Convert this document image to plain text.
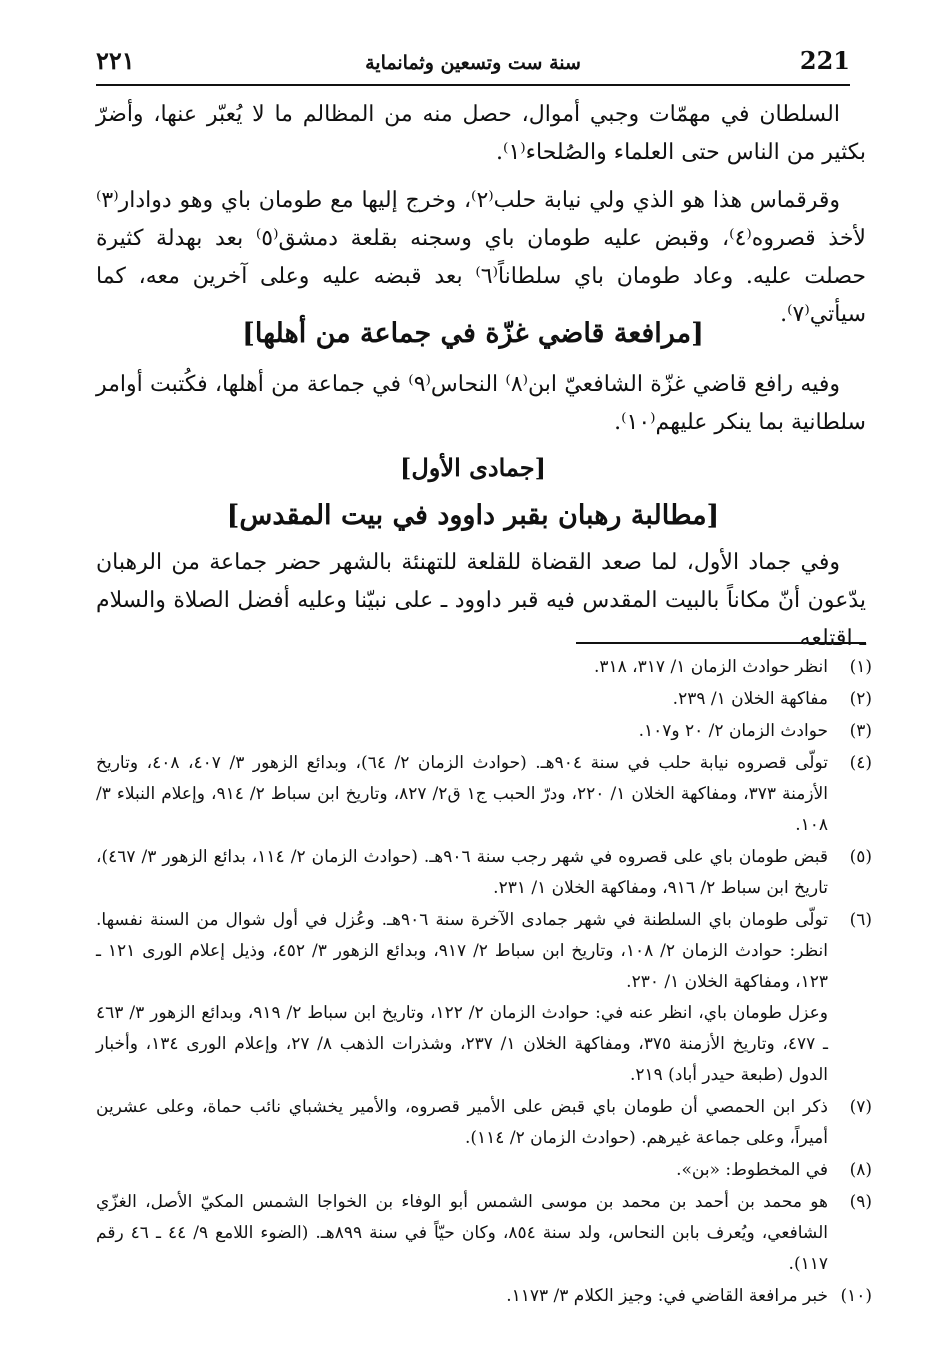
٢٢١	سنة ست وتسعين وثمانماية	221

السلطان في مهمّات وجبي أموال، حصل منه من المظالم ما لا يُعبّر عنها، وأضرّ بكثير من الناس حتى العلماء والصُلحاء⁽١⁾.

وقرقماس هذا هو الذي ولي نيابة حلب⁽٢⁾، وخرج إليها مع طومان باي وهو دوادار⁽٣⁾ لأخذ قصروه⁽٤⁾، وقبض عليه طومان باي وسجنه بقلعة دمشق⁽٥⁾ بعد بهدلة كثيرة حصلت عليه. وعاد طومان باي سلطاناً⁽٦⁾ بعد قبضه عليه وعلى آخرين معه، كما سيأتي⁽٧⁾.

[مرافعة قاضي غزّة في جماعة من أهلها]

وفيه رافع قاضي غزّة الشافعيّ ابن⁽٨⁾ النحاس⁽٩⁾ في جماعة من أهلها، فكُتبت أوامر سلطانية بما ينكر عليهم⁽١٠⁾.

[جمادى الأول]
[مطالبة رهبان بقبر داوود في بيت المقدس]

وفي جماد الأول، لما صعد القضاة للقلعة للتهنئة بالشهر حضر جماعة من الرهبان يدّعون أنّ مكاناً بالبيت المقدس فيه قبر داوود ـ على نبيّنا وعليه أفضل الصلاة والسلام ـ اقتلعه

(١)

انظر حوادث الزمان ١/ ٣١٧، ٣١٨.

(٢)

مفاكهة الخلان ١/ ٢٣٩.

(٣)

حوادث الزمان ٢/ ٢٠ و١٠٧.

(٤)

تولّى قصروه نيابة حلب في سنة ٩٠٤هـ. (حوادث الزمان ٢/ ٦٤)، وبدائع الزهور ٣/ ٤٠٧، ٤٠٨، وتاريخ الأزمنة ٣٧٣، ومفاكهة الخلان ١/ ٢٢٠، ودرّ الحبب ج١ ق٢/ ٨٢٧، وتاريخ ابن سباط ٢/ ٩١٤، وإعلام النبلاء ٣/ ١٠٨.

(٥)

قبض طومان باي على قصروه في شهر رجب سنة ٩٠٦هـ. (حوادث الزمان ٢/ ١١٤، بدائع الزهور ٣/ ٤٦٧)، تاريخ ابن سباط ٢/ ٩١٦، ومفاكهة الخلان ١/ ٢٣١.

(٦)

تولّى طومان باي السلطنة في شهر جمادى الآخرة سنة ٩٠٦هـ. وعُزل في أول شوال من السنة نفسها. انظر: حوادث الزمان ٢/ ١٠٨، وتاريخ ابن سباط ٢/ ٩١٧، وبدائع الزهور ٣/ ٤٥٢، وذيل إعلام الورى ١٢١ ـ ١٢٣، ومفاكهة الخلان ١/ ٢٣٠.

وعزل طومان باي، انظر عنه في: حوادث الزمان ٢/ ١٢٢، وتاريخ ابن سباط ٢/ ٩١٩، وبدائع الزهور ٣/ ٤٦٣ ـ ٤٧٧، وتاريخ الأزمنة ٣٧٥، ومفاكهة الخلان ١/ ٢٣٧، وشذرات الذهب ٨/ ٢٧، وإعلام الورى ١٣٤، وأخبار الدول (طبعة حيدر أباد) ٢١٩.

(٧)

ذكر ابن الحمصي أن طومان باي قبض على الأمير قصروه، والأمير يخشباي نائب حماة، وعلى عشرين أميراً، وعلى جماعة غيرهم. (حوادث الزمان ٢/ ١١٤).

(٨)

في المخطوط: «بن».

(٩)

هو محمد بن أحمد بن محمد بن موسى الشمس أبو الوفاء بن الخواجا الشمس المكيّ الأصل، الغزّي الشافعي، ويُعرف بابن النحاس، ولد سنة ٨٥٤، وكان حيّاً في سنة ٨٩٩هـ. (الضوء اللامع ٩/ ٤٤ ـ ٤٦ رقم ١١٧).

(١٠)

خبر مرافعة القاضي في: وجيز الكلام ٣/ ١١٧٣.
